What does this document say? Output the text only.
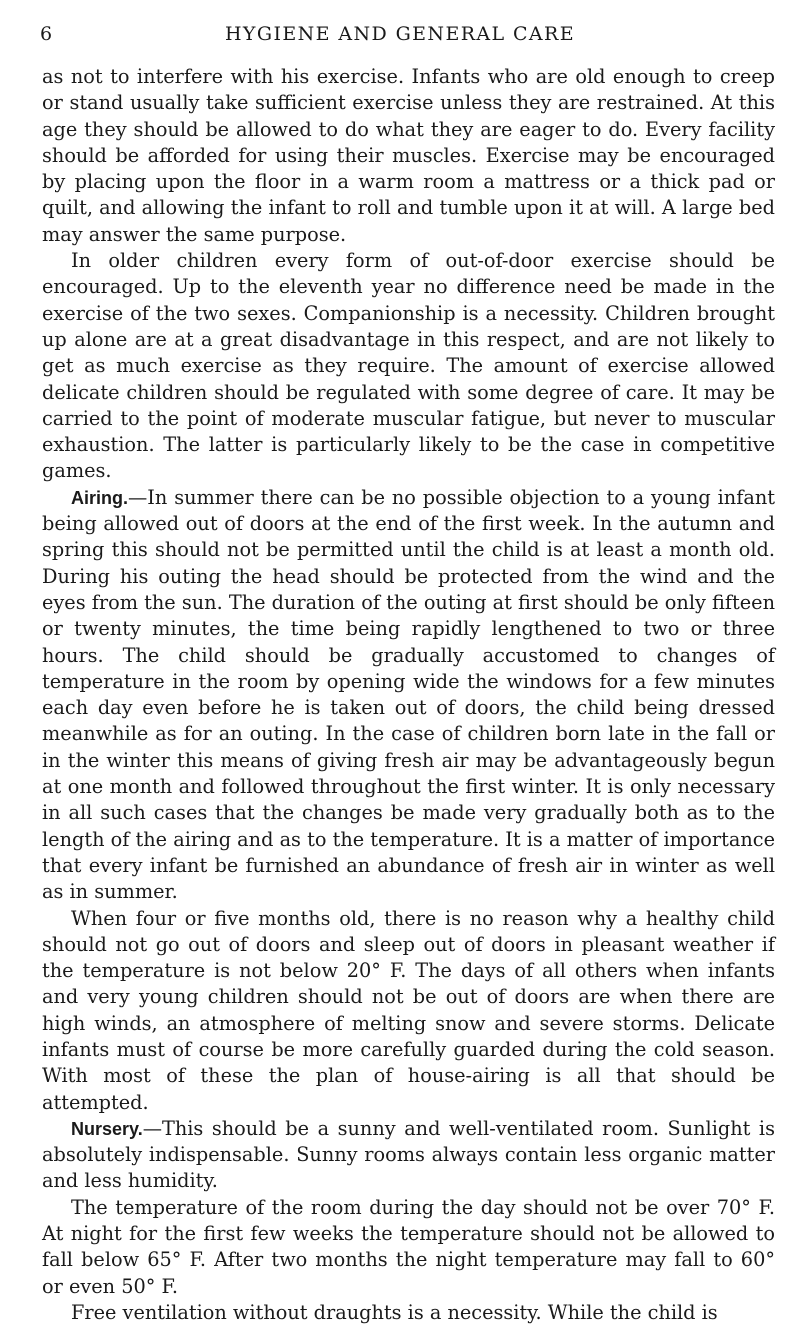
6	HYGIENE AND GENERAL CARE

as not to interfere with his exercise. Infants who are old enough to creep or stand usually take sufficient exercise unless they are restrained. At this age they should be allowed to do what they are eager to do. Every facility should be afforded for using their muscles. Exercise may be encouraged by placing upon the floor in a warm room a mattress or a thick pad or quilt, and allowing the infant to roll and tumble upon it at will. A large bed may answer the same purpose.

In older children every form of out-of-door exercise should be encouraged. Up to the eleventh year no difference need be made in the exercise of the two sexes. Companionship is a necessity. Children brought up alone are at a great disadvantage in this respect, and are not likely to get as much exercise as they require. The amount of exercise allowed delicate children should be regulated with some degree of care. It may be carried to the point of moderate muscular fatigue, but never to muscular exhaustion. The latter is particularly likely to be the case in competitive games.

Airing.—In summer there can be no possible objection to a young infant being allowed out of doors at the end of the first week. In the autumn and spring this should not be permitted until the child is at least a month old. During his outing the head should be protected from the wind and the eyes from the sun. The duration of the outing at first should be only fifteen or twenty minutes, the time being rapidly lengthened to two or three hours. The child should be gradually accustomed to changes of temperature in the room by opening wide the windows for a few minutes each day even before he is taken out of doors, the child being dressed meanwhile as for an outing. In the case of children born late in the fall or in the winter this means of giving fresh air may be advantageously begun at one month and followed throughout the first winter. It is only necessary in all such cases that the changes be made very gradually both as to the length of the airing and as to the temperature. It is a matter of importance that every infant be furnished an abundance of fresh air in winter as well as in summer.

When four or five months old, there is no reason why a healthy child should not go out of doors and sleep out of doors in pleasant weather if the temperature is not below 20° F. The days of all others when infants and very young children should not be out of doors are when there are high winds, an atmosphere of melting snow and severe storms. Delicate infants must of course be more carefully guarded during the cold season. With most of these the plan of house-airing is all that should be attempted.

Nursery.—This should be a sunny and well-ventilated room. Sunlight is absolutely indispensable. Sunny rooms always contain less organic matter and less humidity.

The temperature of the room during the day should not be over 70° F. At night for the first few weeks the temperature should not be allowed to fall below 65° F. After two months the night temperature may fall to 60° or even 50° F.

Free ventilation without draughts is a necessity. While the child is
